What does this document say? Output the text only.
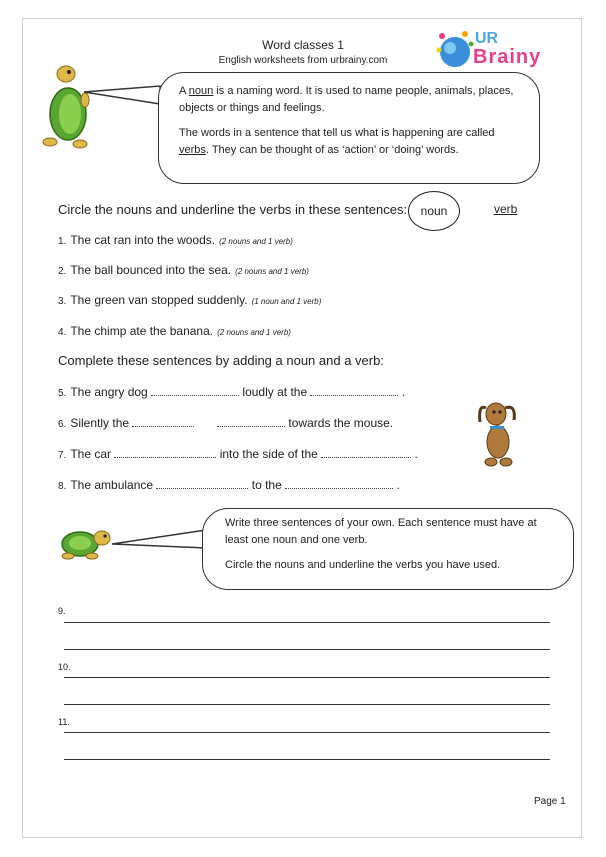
Word classes 1
English worksheets from urbrainy.com
UR
Brainy

A noun is a naming word. It is used to name people, animals, places, objects or things and feelings.

The words in a sentence that tell us what is happening are called verbs. They can be thought of as ‘action’ or ‘doing’ words.

Circle the nouns and underline the verbs in these sentences:	noun	verb
1. The cat ran into the woods. (2 nouns and 1 verb)
2. The ball bounced into the sea. (2 nouns and 1 verb)
3. The green van stopped suddenly. (1 noun and 1 verb)
4. The chimp ate the banana. (2 nouns and 1 verb)
Complete these sentences by adding a noun and a verb:
5. The angry dog	loudly at the	.
6. Silently the	towards the mouse.
7. The car	into the side of the	.
8. The ambulance	to the	.

Write three sentences of your own. Each sentence must have at least one noun and one verb.

Circle the nouns and underline the verbs you have used.

9.
10.
11.
Page 1
